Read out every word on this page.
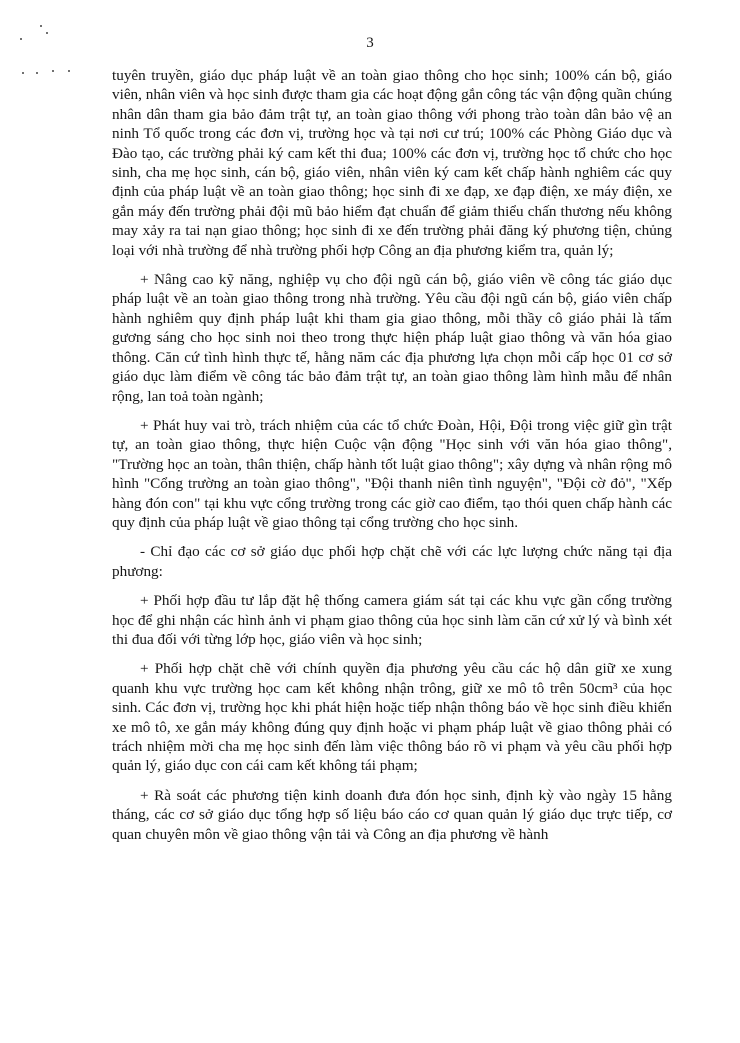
3

tuyên truyền, giáo dục pháp luật về an toàn giao thông cho học sinh; 100% cán bộ, giáo viên, nhân viên và học sinh được tham gia các hoạt động gắn công tác vận động quần chúng nhân dân tham gia bảo đảm trật tự, an toàn giao thông với phong trào toàn dân bảo vệ an ninh Tổ quốc trong các đơn vị, trường học và tại nơi cư trú; 100% các Phòng Giáo dục và Đào tạo, các trường phải ký cam kết thi đua; 100% các đơn vị, trường học tổ chức cho học sinh, cha mẹ học sinh, cán bộ, giáo viên, nhân viên ký cam kết chấp hành nghiêm các quy định của pháp luật về an toàn giao thông; học sinh đi xe đạp, xe đạp điện, xe máy điện, xe gắn máy đến trường phải đội mũ bảo hiểm đạt chuẩn để giảm thiểu chấn thương nếu không may xảy ra tai nạn giao thông; học sinh đi xe đến trường phải đăng ký phương tiện, chủng loại với nhà trường để nhà trường phối hợp Công an địa phương kiểm tra, quản lý;

+ Nâng cao kỹ năng, nghiệp vụ cho đội ngũ cán bộ, giáo viên về công tác giáo dục pháp luật về an toàn giao thông trong nhà trường. Yêu cầu đội ngũ cán bộ, giáo viên chấp hành nghiêm quy định pháp luật khi tham gia giao thông, mỗi thầy cô giáo phải là tấm gương sáng cho học sinh noi theo trong thực hiện pháp luật giao thông và văn hóa giao thông. Căn cứ tình hình thực tế, hằng năm các địa phương lựa chọn mỗi cấp học 01 cơ sở giáo dục làm điểm về công tác bảo đảm trật tự, an toàn giao thông làm hình mẫu để nhân rộng, lan toả toàn ngành;

+ Phát huy vai trò, trách nhiệm của các tổ chức Đoàn, Hội, Đội trong việc giữ gìn trật tự, an toàn giao thông, thực hiện Cuộc vận động "Học sinh với văn hóa giao thông", "Trường học an toàn, thân thiện, chấp hành tốt luật giao thông"; xây dựng và nhân rộng mô hình "Cổng trường an toàn giao thông", "Đội thanh niên tình nguyện", "Đội cờ đỏ", "Xếp hàng đón con" tại khu vực cổng trường trong các giờ cao điểm, tạo thói quen chấp hành các quy định của pháp luật về giao thông tại cổng trường cho học sinh.

- Chỉ đạo các cơ sở giáo dục phối hợp chặt chẽ với các lực lượng chức năng tại địa phương:

+ Phối hợp đầu tư lắp đặt hệ thống camera giám sát tại các khu vực gần cổng trường học để ghi nhận các hình ảnh vi phạm giao thông của học sinh làm căn cứ xử lý và bình xét thi đua đối với từng lớp học, giáo viên và học sinh;

+ Phối hợp chặt chẽ với chính quyền địa phương yêu cầu các hộ dân giữ xe xung quanh khu vực trường học cam kết không nhận trông, giữ xe mô tô trên 50cm³ của học sinh. Các đơn vị, trường học khi phát hiện hoặc tiếp nhận thông báo về học sinh điều khiển xe mô tô, xe gắn máy không đúng quy định hoặc vi phạm pháp luật về giao thông phải có trách nhiệm mời cha mẹ học sinh đến làm việc thông báo rõ vi phạm và yêu cầu phối hợp quản lý, giáo dục con cái cam kết không tái phạm;

+ Rà soát các phương tiện kinh doanh đưa đón học sinh, định kỳ vào ngày 15 hằng tháng, các cơ sở giáo dục tổng hợp số liệu báo cáo cơ quan quản lý giáo dục trực tiếp, cơ quan chuyên môn về giao thông vận tải và Công an địa phương về hành
